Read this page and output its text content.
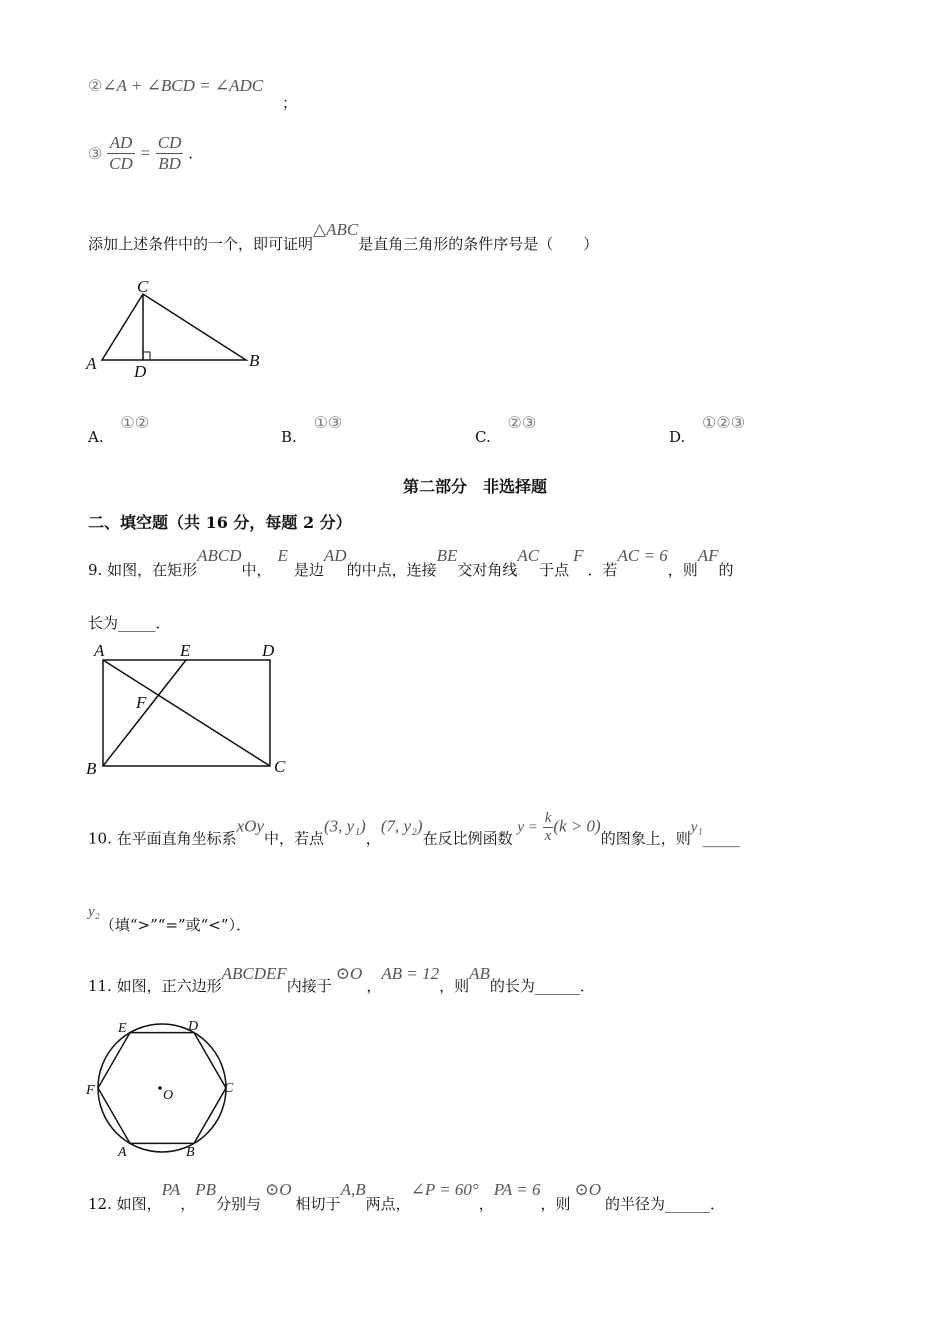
②∠A + ∠BCD = ∠ADC
；
③ $\frac{AD}{CD} = \frac{CD}{BD}$ .
添加上述条件中的一个，即可证明△ABC是直角三角形的条件序号是（　　）
C
A D
B
A. ①②
B. ①③
C. ②③
D. ①②③
第二部分　非选择题
二、填空题（共 16 分，每题 2 分）
9. 如图，在矩形ABCD中，E是边AD的中点，连接BE交对角线AC于点F．若AC = 6，则AF的
长为_____．
A	E	D
F
B	C
10. 在平面直角坐标系xOy中，若点(3, y₁)，(7, y₂)在反比例函数 $y = \frac{k}{x} (k > 0)$的图象上，则y₁_____
y₂（填“>”“=”或“<”）．
11. 如图，正六边形ABCDEF内接于⊙O，AB = 12，则AB的长为______．
E	D
F	C
O
A	B
12. 如图，PA，PB分别与⊙O相切于A,B两点，∠P = 60°，PA = 6，则⊙O的半径为______．
